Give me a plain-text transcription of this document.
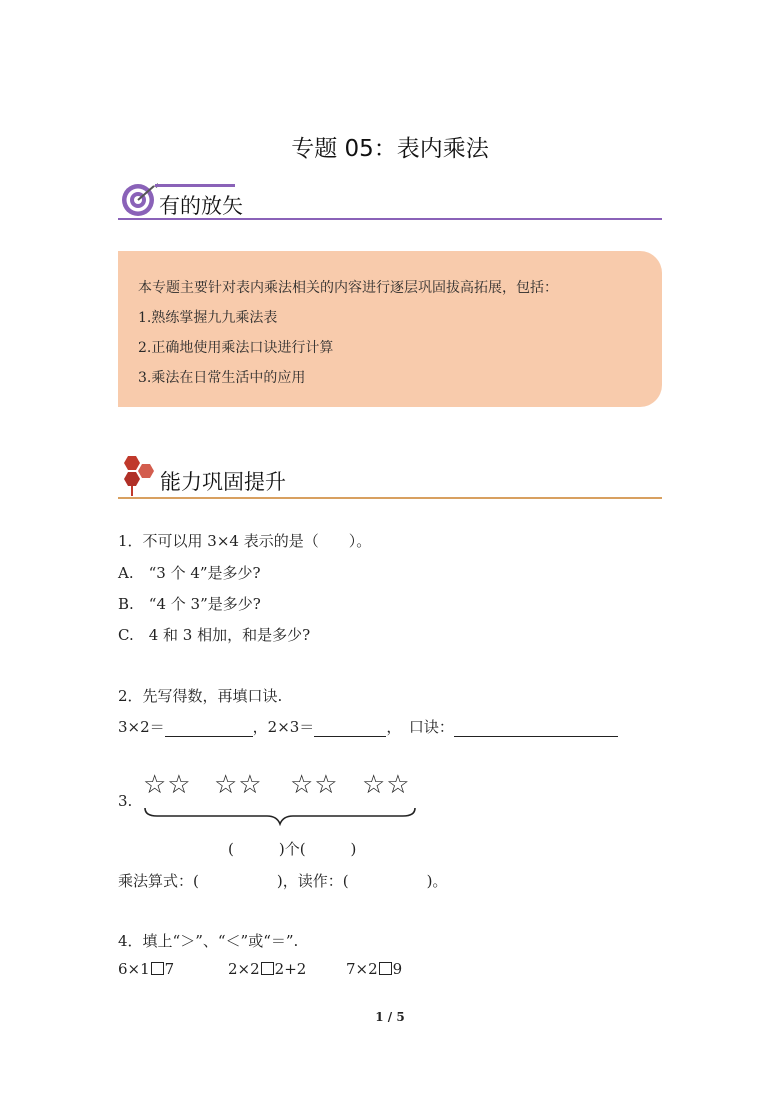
专题 05：表内乘法
有的放矢
本专题主要针对表内乘法相关的内容进行逐层巩固拔高拓展，包括：
1.熟练掌握九九乘法表
2.正确地使用乘法口诀进行计算
3.乘法在日常生活中的应用
能力巩固提升
1．不可以用 3×4 表示的是（　　）。
A.　“3 个 4”是多少?
B.　“4 个 3”是多少?
C.　4 和 3 相加，和是多少?
2．先写得数，再填口诀.
3×2＝	，2×3＝	，　口诀：
3.
☆☆ ☆☆ ☆☆ ☆☆
(　　　)个(　　　)
乘法算式：(	)，读作：(	)。
4．填上“＞”、“＜”或“＝”.
6×1 7	2×2 2+2	7×2 9
1 / 5
